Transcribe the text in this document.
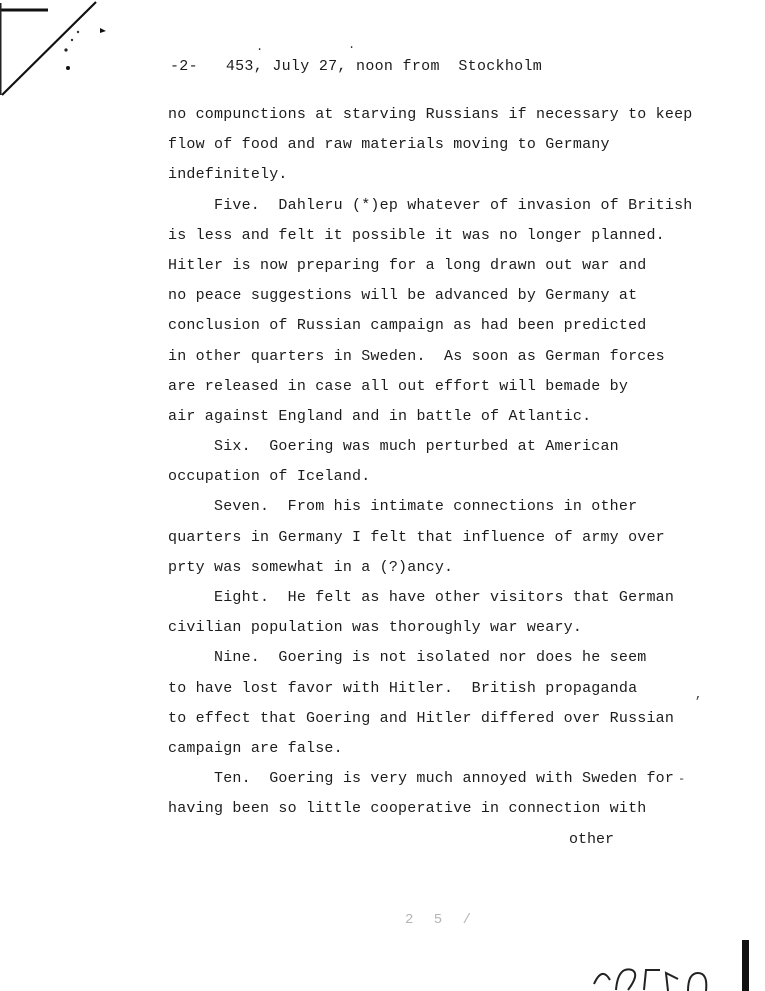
-2- 453, July 27, noon from  Stockholm
no compunctions at starving Russians if necessary to keep
flow of food and raw materials moving to Germany
indefinitely.
Five.  Dahleru (*)ep whatever of invasion of British
is less and felt it possible it was no longer planned.
Hitler is now preparing for a long drawn out war and
no peace suggestions will be advanced by Germany at
conclusion of Russian campaign as had been predicted
in other quarters in Sweden.  As soon as German forces
are released in case all out effort will bemade by
air against England and in battle of Atlantic.
Six.  Goering was much perturbed at American
occupation of Iceland.
Seven.  From his intimate connections in other
quarters in Germany I felt that influence of army over
prty was somewhat in a (?)ancy.
Eight.  He felt as have other visitors that German
civilian population was thoroughly war weary.
Nine.  Goering is not isolated nor does he seem
to have lost favor with Hitler.  British propaganda
to effect that Goering and Hitler differed over Russian
campaign are false.
Ten.  Goering is very much annoyed with Sweden for
having been so little cooperative in connection with
other
2 5 /
,
-
.	.
